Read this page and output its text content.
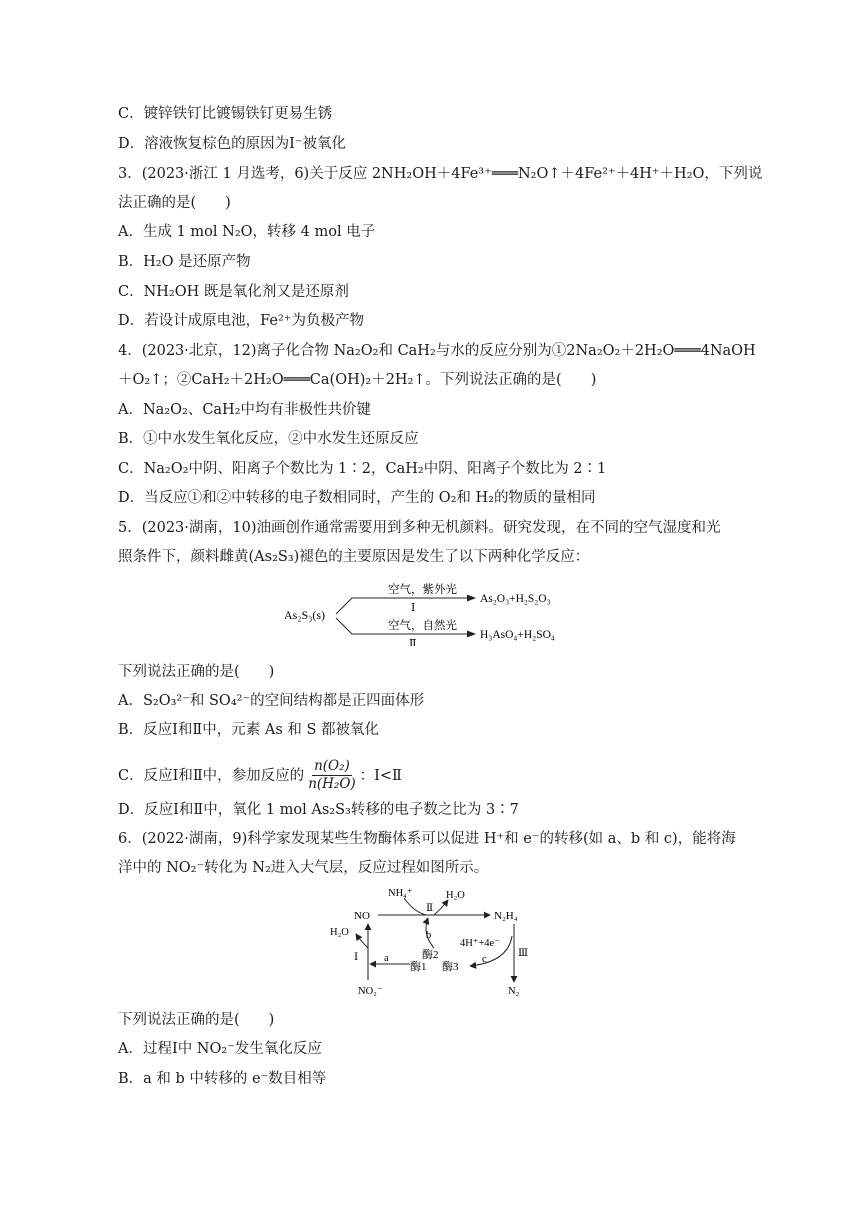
C．镀锌铁钉比镀锡铁钉更易生锈
D．溶液恢复棕色的原因为I⁻被氧化
3．(2023·浙江 1 月选考，6)关于反应 2NH₂OH＋4Fe³⁺═══N₂O↑＋4Fe²⁺＋4H⁺＋H₂O，下列说
法正确的是(　　)
A．生成 1 mol N₂O，转移 4 mol 电子
B．H₂O 是还原产物
C．NH₂OH 既是氧化剂又是还原剂
D．若设计成原电池，Fe²⁺为负极产物
4．(2023·北京，12)离子化合物 Na₂O₂和 CaH₂与水的反应分别为①2Na₂O₂＋2H₂O═══4NaOH
＋O₂↑；②CaH₂＋2H₂O═══Ca(OH)₂＋2H₂↑。下列说法正确的是(　　)
A．Na₂O₂、CaH₂中均有非极性共价键
B．①中水发生氧化反应，②中水发生还原反应
C．Na₂O₂中阴、阳离子个数比为 1∶2，CaH₂中阴、阳离子个数比为 2∶1
D．当反应①和②中转移的电子数相同时，产生的 O₂和 H₂的物质的量相同
5．(2023·湖南，10)油画创作通常需要用到多种无机颜料。研究发现，在不同的空气湿度和光
照条件下，颜料雌黄(As₂S₃)褪色的主要原因是发生了以下两种化学反应：
As₂S₃(s)
空气，紫外光
Ⅰ
As₂O₃+H₂S₂O₃
空气，自然光
Ⅱ
H₃AsO₄+H₂SO₄
下列说法正确的是(　　)
A．S₂O₃²⁻和 SO₄²⁻的空间结构都是正四面体形
B．反应Ⅰ和Ⅱ中，元素 As 和 S 都被氧化
C．反应Ⅰ和Ⅱ中，参加反应的 $\frac{\text{n(O₂)}}{\text{n(H₂O)}}$ ：Ⅰ<Ⅱ
D．反应Ⅰ和Ⅱ中，氧化 1 mol As₂S₃转移的电子数之比为 3∶7
6．(2022·湖南，9)科学家发现某些生物酶体系可以促进 H⁺和 e⁻的转移(如 a、b 和 c)，能将海
洋中的 NO₂⁻转化为 N₂进入大气层，反应过程如图所示。
NH₄⁺
Ⅱ
H₂O
NO	N₂H₄
H₂O	b
酶2
4H⁺+4e⁻
Ⅲ
Ⅰ a
酶1 酶3
c
NO₂⁻	N₂
下列说法正确的是(　　)
A．过程Ⅰ中 NO₂⁻发生氧化反应
B．a 和 b 中转移的 e⁻数目相等
